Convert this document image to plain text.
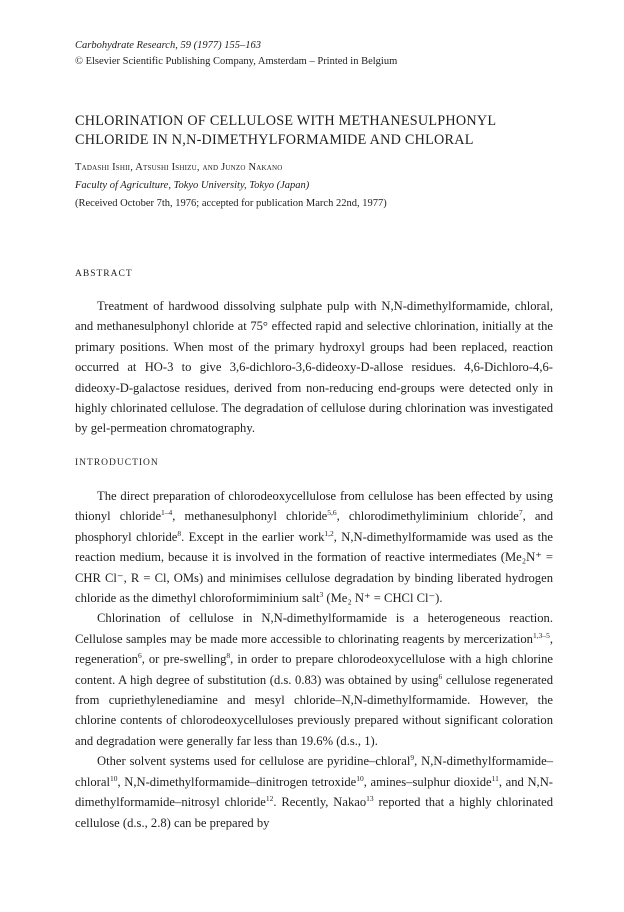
Carbohydrate Research, 59 (1977) 155–163
© Elsevier Scientific Publishing Company, Amsterdam – Printed in Belgium
CHLORINATION OF CELLULOSE WITH METHANESULPHONYL
CHLORIDE IN N,N-DIMETHYLFORMAMIDE AND CHLORAL
Tadashi Ishii, Atsushi Ishizu, and Junzo Nakano
Faculty of Agriculture, Tokyo University, Tokyo (Japan)
(Received October 7th, 1976; accepted for publication March 22nd, 1977)
ABSTRACT

Treatment of hardwood dissolving sulphate pulp with N,N-dimethylformamide, chloral, and methanesulphonyl chloride at 75° effected rapid and selective chlorination, initially at the primary positions. When most of the primary hydroxyl groups had been replaced, reaction occurred at HO-3 to give 3,6-dichloro-3,6-dideoxy-D-allose residues. 4,6-Dichloro-4,6-dideoxy-D-galactose residues, derived from non-reducing end-groups were detected only in highly chlorinated cellulose. The degradation of cellulose during chlorination was investigated by gel-permeation chromatography.

INTRODUCTION

The direct preparation of chlorodeoxycellulose from cellulose has been effected by using thionyl chloride$^{1-4}$, methanesulphonyl chloride$^{5,6}$, chlorodimethyliminium chloride$^7$, and phosphoryl chloride$^8$. Except in the earlier work$^{1,2}$, N,N-dimethylformamide was used as the reaction medium, because it is involved in the formation of reactive intermediates (Me₂N⁺ = CHR Cl⁻, R = Cl, OMs) and minimises cellulose degradation by binding liberated hydrogen chloride as the dimethyl chloroformiminium salt$^3$ (Me₂ N⁺ = CHCl Cl⁻).

Chlorination of cellulose in N,N-dimethylformamide is a heterogeneous reaction. Cellulose samples may be made more accessible to chlorinating reagents by mercerization$^{1,3-5}$, regeneration$^6$, or pre-swelling$^8$, in order to prepare chlorodeoxycellulose with a high chlorine content. A high degree of substitution (d.s. 0.83) was obtained by using$^6$ cellulose regenerated from cupriethylenediamine and mesyl chloride–N,N-dimethylformamide. However, the chlorine contents of chlorodeoxycelluloses previously prepared without significant coloration and degradation were generally far less than 19.6% (d.s., 1).

Other solvent systems used for cellulose are pyridine–chloral$^9$, N,N-dimethylformamide–chloral$^{10}$, N,N-dimethylformamide–dinitrogen tetroxide$^{10}$, amines–sulphur dioxide$^{11}$, and N,N-dimethylformamide–nitrosyl chloride$^{12}$. Recently, Nakao$^{13}$ reported that a highly chlorinated cellulose (d.s., 2.8) can be prepared by
